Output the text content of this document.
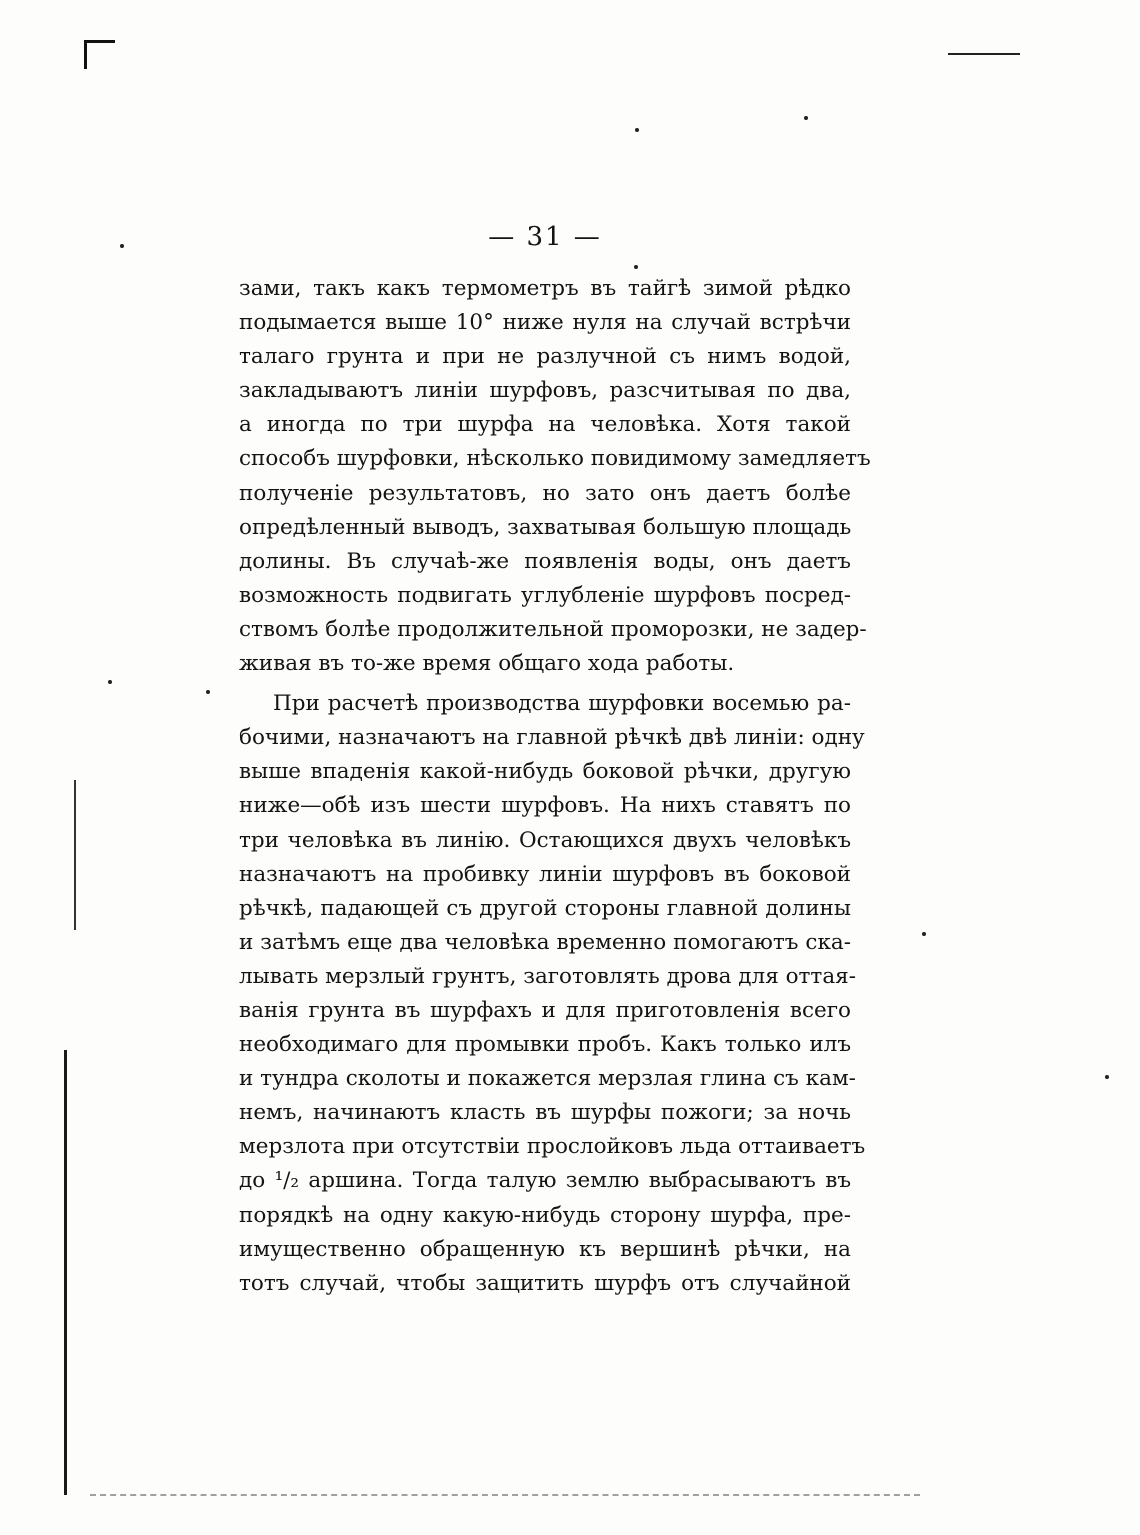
— 31 —
зами, такъ какъ термометръ въ тайгѣ зимой рѣдко
подымается выше 10° ниже нуля на случай встрѣчи
талаго грунта и при не разлучной съ нимъ водой,
закладываютъ линіи шурфовъ, разсчитывая по два,
а иногда по три шурфа на человѣка. Хотя такой
способъ шурфовки, нѣсколько повидимому замедляетъ
полученіе результатовъ, но зато онъ даетъ болѣе
опредѣленный выводъ, захватывая большую площадь
долины. Въ случаѣ-же появленія воды, онъ даетъ
возможность подвигать углубленіе шурфовъ посред-
ствомъ болѣе продолжительной проморозки, не задер-
живая въ то-же время общаго хода работы.
При расчетѣ производства шурфовки восемью ра-
бочими, назначаютъ на главной рѣчкѣ двѣ линіи: одну
выше впаденія какой-нибудь боковой рѣчки, другую
ниже—обѣ изъ шести шурфовъ. На нихъ ставятъ по
три человѣка въ линію. Остающихся двухъ человѣкъ
назначаютъ на пробивку линіи шурфовъ въ боковой
рѣчкѣ, падающей съ другой стороны главной долины
и затѣмъ еще два человѣка временно помогаютъ ска-
лывать мерзлый грунтъ, заготовлять дрова для оттая-
ванія грунта въ шурфахъ и для приготовленія всего
необходимаго для промывки пробъ. Какъ только илъ
и тундра сколоты и покажется мерзлая глина съ кам-
немъ, начинаютъ класть въ шурфы пожоги; за ночь
мерзлота при отсутствіи прослойковъ льда оттаиваетъ
до ¹/₂ аршина. Тогда талую землю выбрасываютъ въ
порядкѣ на одну какую-нибудь сторону шурфа, пре-
имущественно обращенную къ вершинѣ рѣчки, на
тотъ случай, чтобы защитить шурфъ отъ случайной
